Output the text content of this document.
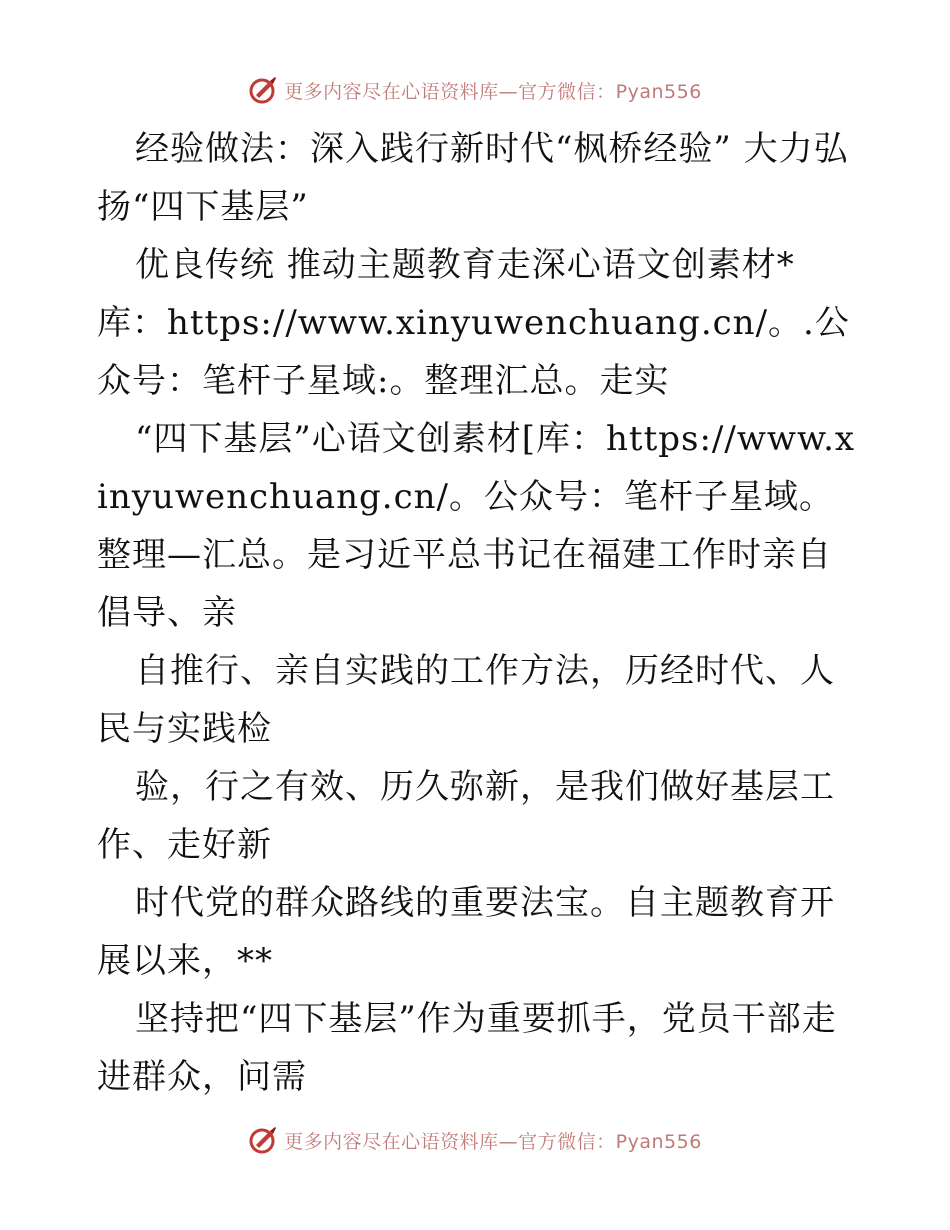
更多内容尽在心语资料库—官方微信：Pyan556

经验做法：深入践行新时代“枫桥经验” 大力弘扬“四下基层”

优良传统 推动主题教育走深心语文创素材*库：https://www.xinyuwenchuang.cn/。.公众号：笔杆子星域:。整理汇总。走实

“四下基层”心语文创素材[库：https://www.xinyuwenchuang.cn/。公众号：笔杆子星域。整理—汇总。是习近平总书记在福建工作时亲自倡导、亲

自推行、亲自实践的工作方法，历经时代、人民与实践检

验，行之有效、历久弥新，是我们做好基层工作、走好新

时代党的群众路线的重要法宝。自主题教育开展以来，**

坚持把“四下基层”作为重要抓手，党员干部走进群众，问需

更多内容尽在心语资料库—官方微信：Pyan556
